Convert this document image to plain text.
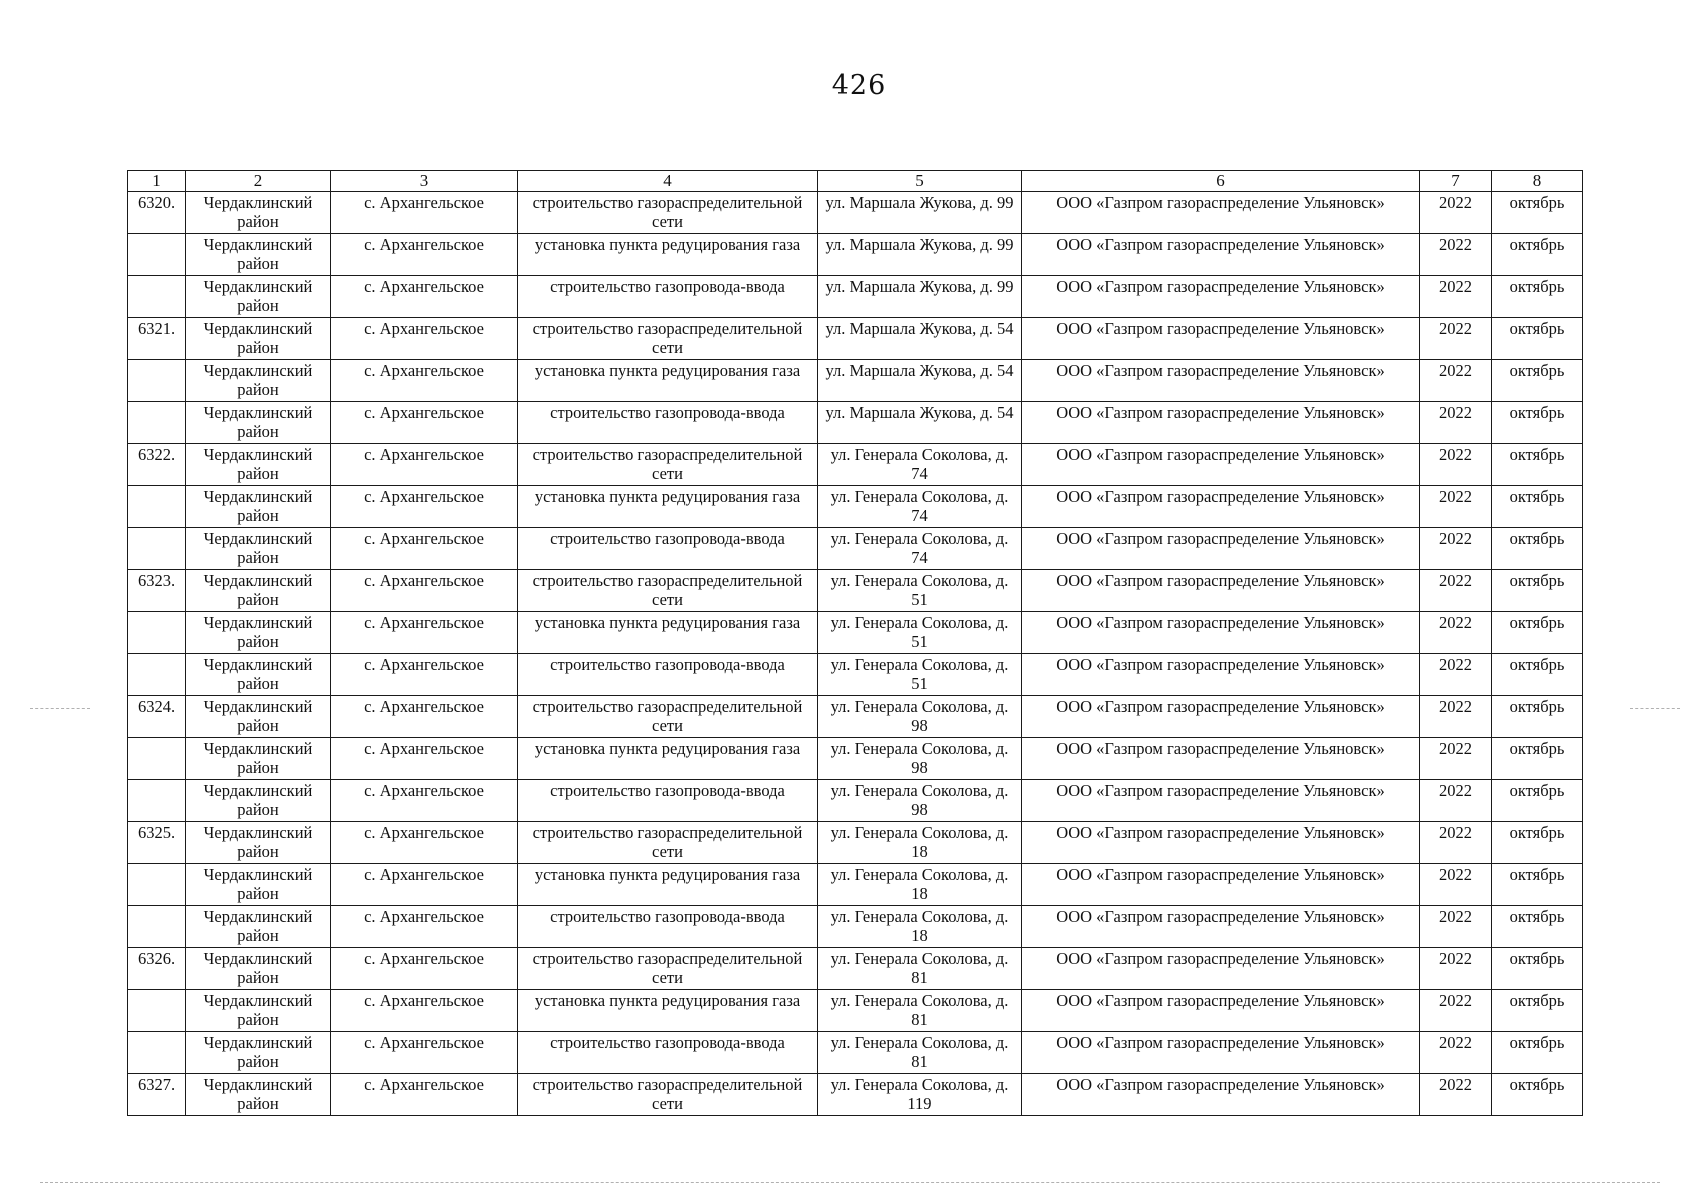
426
1	2	3	4	5	6	7	8
6320.	Чердаклинский район	с. Архангельское	строительство газораспределительной сети	ул. Маршала Жукова, д. 99	ООО «Газпром газораспределение Ульяновск»	2022	октябрь
	Чердаклинский район	с. Архангельское	установка пункта редуцирования газа	ул. Маршала Жукова, д. 99	ООО «Газпром газораспределение Ульяновск»	2022	октябрь
	Чердаклинский район	с. Архангельское	строительство газопровода-ввода	ул. Маршала Жукова, д. 99	ООО «Газпром газораспределение Ульяновск»	2022	октябрь
6321.	Чердаклинский район	с. Архангельское	строительство газораспределительной сети	ул. Маршала Жукова, д. 54	ООО «Газпром газораспределение Ульяновск»	2022	октябрь
	Чердаклинский район	с. Архангельское	установка пункта редуцирования газа	ул. Маршала Жукова, д. 54	ООО «Газпром газораспределение Ульяновск»	2022	октябрь
	Чердаклинский район	с. Архангельское	строительство газопровода-ввода	ул. Маршала Жукова, д. 54	ООО «Газпром газораспределение Ульяновск»	2022	октябрь
6322.	Чердаклинский район	с. Архангельское	строительство газораспределительной сети	ул. Генерала Соколова, д. 74	ООО «Газпром газораспределение Ульяновск»	2022	октябрь
	Чердаклинский район	с. Архангельское	установка пункта редуцирования газа	ул. Генерала Соколова, д. 74	ООО «Газпром газораспределение Ульяновск»	2022	октябрь
	Чердаклинский район	с. Архангельское	строительство газопровода-ввода	ул. Генерала Соколова, д. 74	ООО «Газпром газораспределение Ульяновск»	2022	октябрь
6323.	Чердаклинский район	с. Архангельское	строительство газораспределительной сети	ул. Генерала Соколова, д. 51	ООО «Газпром газораспределение Ульяновск»	2022	октябрь
	Чердаклинский район	с. Архангельское	установка пункта редуцирования газа	ул. Генерала Соколова, д. 51	ООО «Газпром газораспределение Ульяновск»	2022	октябрь
	Чердаклинский район	с. Архангельское	строительство газопровода-ввода	ул. Генерала Соколова, д. 51	ООО «Газпром газораспределение Ульяновск»	2022	октябрь
6324.	Чердаклинский район	с. Архангельское	строительство газораспределительной сети	ул. Генерала Соколова, д. 98	ООО «Газпром газораспределение Ульяновск»	2022	октябрь
	Чердаклинский район	с. Архангельское	установка пункта редуцирования газа	ул. Генерала Соколова, д. 98	ООО «Газпром газораспределение Ульяновск»	2022	октябрь
	Чердаклинский район	с. Архангельское	строительство газопровода-ввода	ул. Генерала Соколова, д. 98	ООО «Газпром газораспределение Ульяновск»	2022	октябрь
6325.	Чердаклинский район	с. Архангельское	строительство газораспределительной сети	ул. Генерала Соколова, д. 18	ООО «Газпром газораспределение Ульяновск»	2022	октябрь
	Чердаклинский район	с. Архангельское	установка пункта редуцирования газа	ул. Генерала Соколова, д. 18	ООО «Газпром газораспределение Ульяновск»	2022	октябрь
	Чердаклинский район	с. Архангельское	строительство газопровода-ввода	ул. Генерала Соколова, д. 18	ООО «Газпром газораспределение Ульяновск»	2022	октябрь
6326.	Чердаклинский район	с. Архангельское	строительство газораспределительной сети	ул. Генерала Соколова, д. 81	ООО «Газпром газораспределение Ульяновск»	2022	октябрь
	Чердаклинский район	с. Архангельское	установка пункта редуцирования газа	ул. Генерала Соколова, д. 81	ООО «Газпром газораспределение Ульяновск»	2022	октябрь
	Чердаклинский район	с. Архангельское	строительство газопровода-ввода	ул. Генерала Соколова, д. 81	ООО «Газпром газораспределение Ульяновск»	2022	октябрь
6327.	Чердаклинский район	с. Архангельское	строительство газораспределительной сети	ул. Генерала Соколова, д. 119	ООО «Газпром газораспределение Ульяновск»	2022	октябрь
